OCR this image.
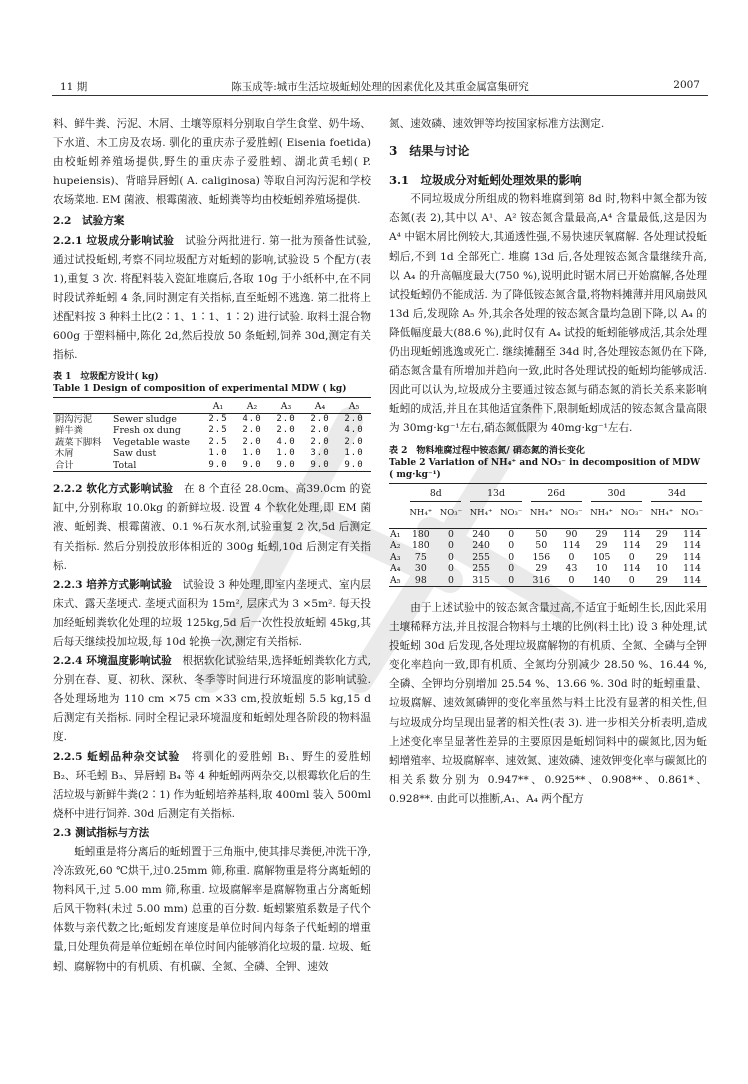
11 期	陈玉成等:城市生活垃圾蚯蚓处理的因素优化及其重金属富集研究	2007

料、鲜牛粪、污泥、木屑、土壤等原料分别取自学生食堂、奶牛场、下水道、木工房及农场. 驯化的重庆赤子爱胜蚓( Eisenia foetida) 由校蚯蚓养殖场提供,野生的重庆赤子爱胜蚓、湖北黄毛蚓( P. hupeiensis)、背暗异唇蚓( A. caliginosa) 等取自河沟污泥和学校农场菜地. EM 菌液、根霉菌液、蚯蚓粪等均由校蚯蚓养殖场提供.

2.2　试验方案

2.2.1 垃圾成分影响试验　试验分两批进行. 第一批为预备性试验,通过试投蚯蚓,考察不同垃圾配方对蚯蚓的影响,试验设 5 个配方(表 1),重复 3 次. 将配料装入瓷缸堆腐后,各取 10g 于小纸杯中,在不同时段试养蚯蚓 4 条,同时测定有关指标,直至蚯蚓不逃逸. 第二批将上述配料按 3 种料土比(2∶1、1∶1、1∶2) 进行试验. 取料土混合物 600g 于塑料桶中,陈化 2d,然后投放 50 条蚯蚓,饲养 30d,测定有关指标.

表 1　垃圾配方设计( kg)
Table 1 Design of composition of experimental MDW ( kg)
		A₁	A₂	A₃	A₄	A₅
阴沟污泥	Sewer sludge	2.5	4.0	2.0	2.0	2.0
鲜牛粪	Fresh ox dung	2.5	2.0	2.0	2.0	4.0
蔬菜下脚料	Vegetable waste	2.5	2.0	4.0	2.0	2.0
木屑	Saw dust	1.0	1.0	1.0	3.0	1.0
合计	Total	9.0	9.0	9.0	9.0	9.0

2.2.2 软化方式影响试验　在 8 个直径 28.0cm、高39.0cm 的瓷缸中,分别称取 10.0kg 的新鲜垃圾. 设置 4 个软化处理,即 EM 菌液、蚯蚓粪、根霉菌液、0.1 %石灰水剂,试验重复 2 次,5d 后测定有关指标. 然后分别投放形体相近的 300g 蚯蚓,10d 后测定有关指标.

2.2.3 培养方式影响试验　试验设 3 种处理,即室内垄埂式、室内层床式、露天垄埂式. 垄埂式面积为 15m², 层床式为 3 ×5m². 每天投加经蚯蚓粪软化处理的垃圾 125kg,5d 后一次性投放蚯蚓 45kg,其后每天继续投加垃圾,每 10d 轮换一次,测定有关指标.

2.2.4 环境温度影响试验　根据软化试验结果,选择蚯蚓粪软化方式,分别在春、夏、初秋、深秋、冬季等时间进行环境温度的影响试验. 各处理场地为 110 cm ×75 cm ×33 cm,投放蚯蚓 5.5 kg,15 d 后测定有关指标. 同时全程记录环境温度和蚯蚓处理各阶段的物料温度.

2.2.5 蚯蚓品种杂交试验　将驯化的爱胜蚓 B₁、野生的爱胜蚓 B₂、环毛蚓 B₃、异唇蚓 B₄ 等 4 种蚯蚓两两杂交,以根霉软化后的生活垃圾与新鲜牛粪(2∶1) 作为蚯蚓培养基料,取 400ml 装入 500ml 烧杯中进行饲养. 30d 后测定有关指标.

2.3 测试指标与方法

蚯蚓重是将分离后的蚯蚓置于三角瓶中,使其排尽粪便,冲洗干净,冷冻致死,60 ℃烘干,过0.25mm 筛,称重. 腐解物重是将分离蚯蚓的物料风干,过 5.00 mm 筛,称重. 垃圾腐解率是腐解物重占分离蚯蚓后风干物料(未过 5.00 mm) 总重的百分数. 蚯蚓繁殖系数是子代个体数与亲代数之比;蚯蚓发育速度是单位时间内每条子代蚯蚓的增重量,日处理负荷是单位蚯蚓在单位时间内能够消化垃圾的量. 垃圾、蚯蚓、腐解物中的有机质、有机碳、全氮、全磷、全钾、速效

氮、速效磷、速效钾等均按国家标准方法测定.

3　结果与讨论

3.1　垃圾成分对蚯蚓处理效果的影响

不同垃圾成分所组成的物料堆腐到第 8d 时,物料中氮全都为铵态氮(表 2),其中以 A¹、A² 铵态氮含量最高,A⁴ 含量最低,这是因为 A⁴ 中锯木屑比例较大,其通透性强,不易快速厌氧腐解. 各处理试投蚯蚓后,不到 1d 全部死亡. 堆腐 13d 后,各处理铵态氮含量继续升高,以 A₄ 的升高幅度最大(750 %),说明此时锯木屑已开始腐解,各处理试投蚯蚓仍不能成活. 为了降低铵态氮含量,将物料摊薄并用风扇鼓风 13d 后,发现除 A₅ 外,其余各处理的铵态氮含量均急剧下降,以 A₄ 的降低幅度最大(88.6 %),此时仅有 A₄ 试投的蚯蚓能够成活,其余处理仍出现蚯蚓逃逸或死亡. 继续摊翻至 34d 时,各处理铵态氮仍在下降,硝态氮含量有所增加并趋向一致,此时各处理试投的蚯蚓均能够成活. 因此可以认为,垃圾成分主要通过铵态氮与硝态氮的消长关系来影响蚯蚓的成活,并且在其他适宜条件下,限制蚯蚓成活的铵态氮含量高限为 30mg·kg⁻¹左右,硝态氮低限为 40mg·kg⁻¹左右.

表 2　物料堆腐过程中铵态氮/ 硝态氮的消长变化
Table 2 Variation of NH₄⁺ and NO₃⁻ in decomposition of MDW ( mg·kg⁻¹)
	8d		13d		26d		30d		34d	
	NH₄⁺	NO₃⁻	NH₄⁺	NO₃⁻	NH₄⁺	NO₃⁻	NH₄⁺	NO₃⁻	NH₄⁺	NO₃⁻
A₁	180	0	240	0	50	90	29	114	29	114
A₂	180	0	240	0	50	114	29	114	29	114
A₃	75	0	255	0	156	0	105	0	29	114
A₄	30	0	255	0	29	43	10	114	10	114
A₅	98	0	315	0	316	0	140	0	29	114

由于上述试验中的铵态氮含量过高,不适宜于蚯蚓生长,因此采用土壤稀释方法,并且按混合物料与土壤的比例(料土比) 设 3 种处理,试投蚯蚓 30d 后发现,各处理垃圾腐解物的有机质、全氮、全磷与全钾变化率趋向一致,即有机质、全氮均分别减少 28.50 %、16.44 %,全磷、全钾均分别增加 25.54 %、13.66 %. 30d 时的蚯蚓重量、垃圾腐解、速效氮磷钾的变化率虽然与料土比没有显著的相关性,但与垃圾成分均呈现出显著的相关性(表 3). 进一步相关分析表明,造成上述变化率呈显著性差异的主要原因是蚯蚓饲料中的碳氮比,因为蚯蚓增殖率、垃圾腐解率、速效氮、速效磷、速效钾变化率与碳氮比的相关系数分别为 0.947**、0.925**、0.908**、0.861*、0.928**. 由此可以推断,A₁、A₄ 两个配方
